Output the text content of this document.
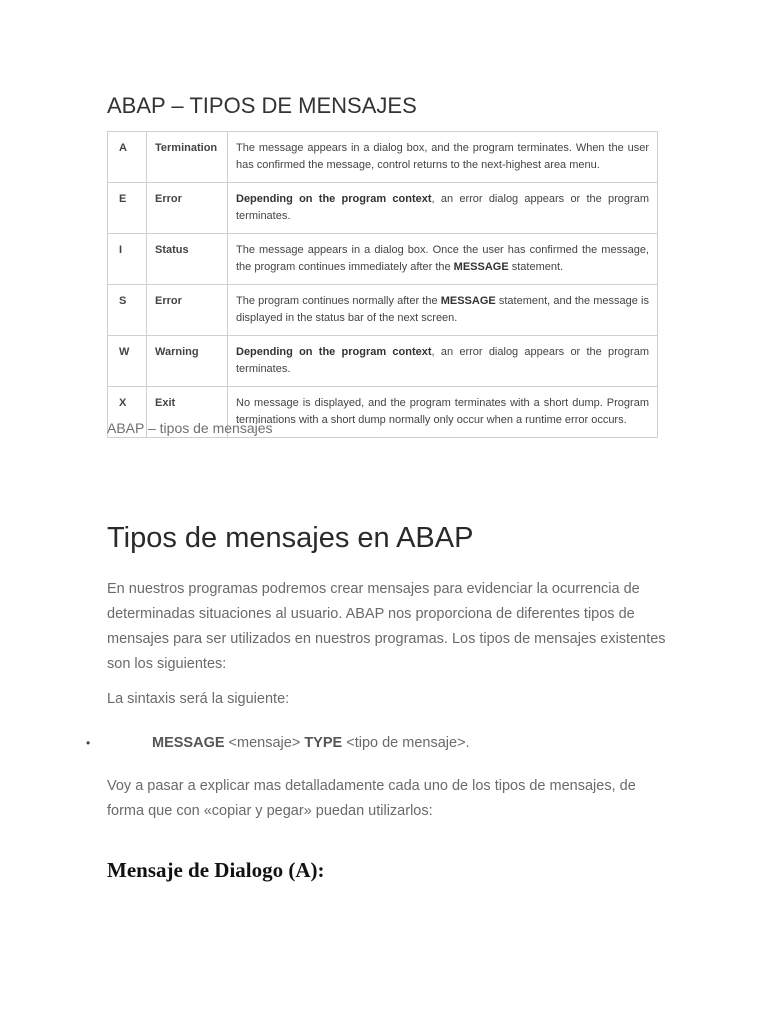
ABAP – TIPOS DE MENSAJES
A	Termination	The message appears in a dialog box, and the program terminates. When the user has confirmed the message, control returns to the next-highest area menu.
E	Error	Depending on the program context, an error dialog appears or the program terminates.
I	Status	The message appears in a dialog box. Once the user has confirmed the message, the program continues immediately after the MESSAGE statement.
S	Error	The program continues normally after the MESSAGE statement, and the message is displayed in the status bar of the next screen.
W	Warning	Depending on the program context, an error dialog appears or the program terminates.
X	Exit	No message is displayed, and the program terminates with a short dump. Program terminations with a short dump normally only occur when a runtime error occurs.

ABAP – tipos de mensajes

Tipos de mensajes en ABAP

En nuestros programas podremos crear mensajes para evidenciar la ocurrencia de determinadas situaciones al usuario. ABAP nos proporciona de diferentes tipos de mensajes para ser utilizados en nuestros programas. Los tipos de mensajes existentes son los siguientes:

La sintaxis será la siguiente:

•	MESSAGE <mensaje> TYPE <tipo de mensaje>.

Voy a pasar a explicar mas detalladamente cada uno de los tipos de mensajes, de forma que con «copiar y pegar» puedan utilizarlos:

Mensaje de Dialogo (A):
